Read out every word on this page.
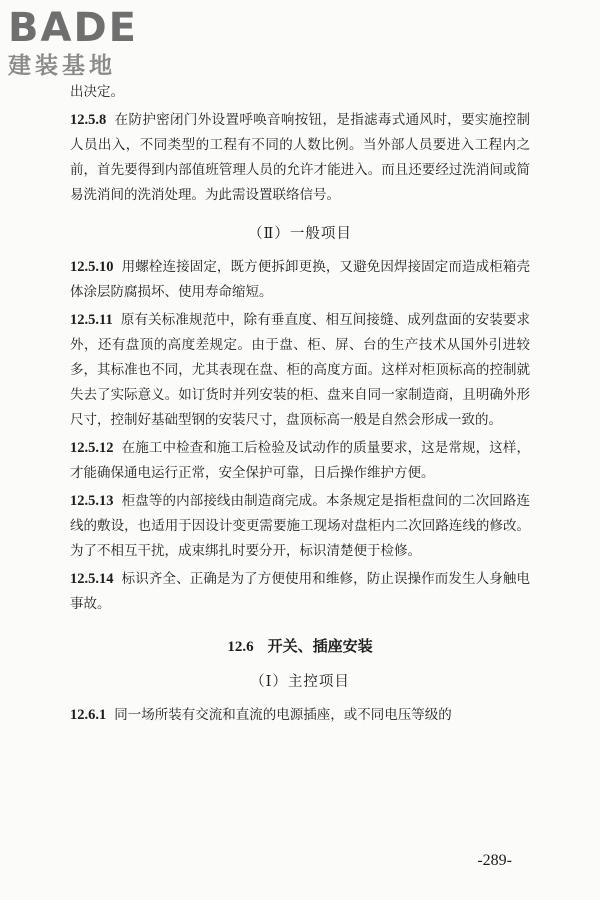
BADE
建装基地

出决定。

12.5.8 在防护密闭门外设置呼唤音响按钮，是指滤毒式通风时，要实施控制人员出入，不同类型的工程有不同的人数比例。当外部人员要进入工程内之前，首先要得到内部值班管理人员的允许才能进入。而且还要经过洗消间或简易洗消间的洗消处理。为此需设置联络信号。

（Ⅱ）一般项目

12.5.10 用螺栓连接固定，既方便拆卸更换，又避免因焊接固定而造成柜箱壳体涂层防腐损坏、使用寿命缩短。

12.5.11 原有关标准规范中，除有垂直度、相互间接缝、成列盘面的安装要求外，还有盘顶的高度差规定。由于盘、柜、屏、台的生产技术从国外引进较多，其标准也不同，尤其表现在盘、柜的高度方面。这样对柜顶标高的控制就失去了实际意义。如订货时并列安装的柜、盘来自同一家制造商，且明确外形尺寸，控制好基础型钢的安装尺寸，盘顶标高一般是自然会形成一致的。

12.5.12 在施工中检查和施工后检验及试动作的质量要求，这是常规，这样，才能确保通电运行正常，安全保护可靠，日后操作维护方便。

12.5.13 柜盘等的内部接线由制造商完成。本条规定是指柜盘间的二次回路连线的敷设，也适用于因设计变更需要施工现场对盘柜内二次回路连线的修改。为了不相互干扰，成束绑扎时要分开，标识清楚便于检修。

12.5.14 标识齐全、正确是为了方便使用和维修，防止误操作而发生人身触电事故。

12.6 开关、插座安装
（Ⅰ）主控项目

12.6.1 同一场所装有交流和直流的电源插座，或不同电压等级的

-289-
